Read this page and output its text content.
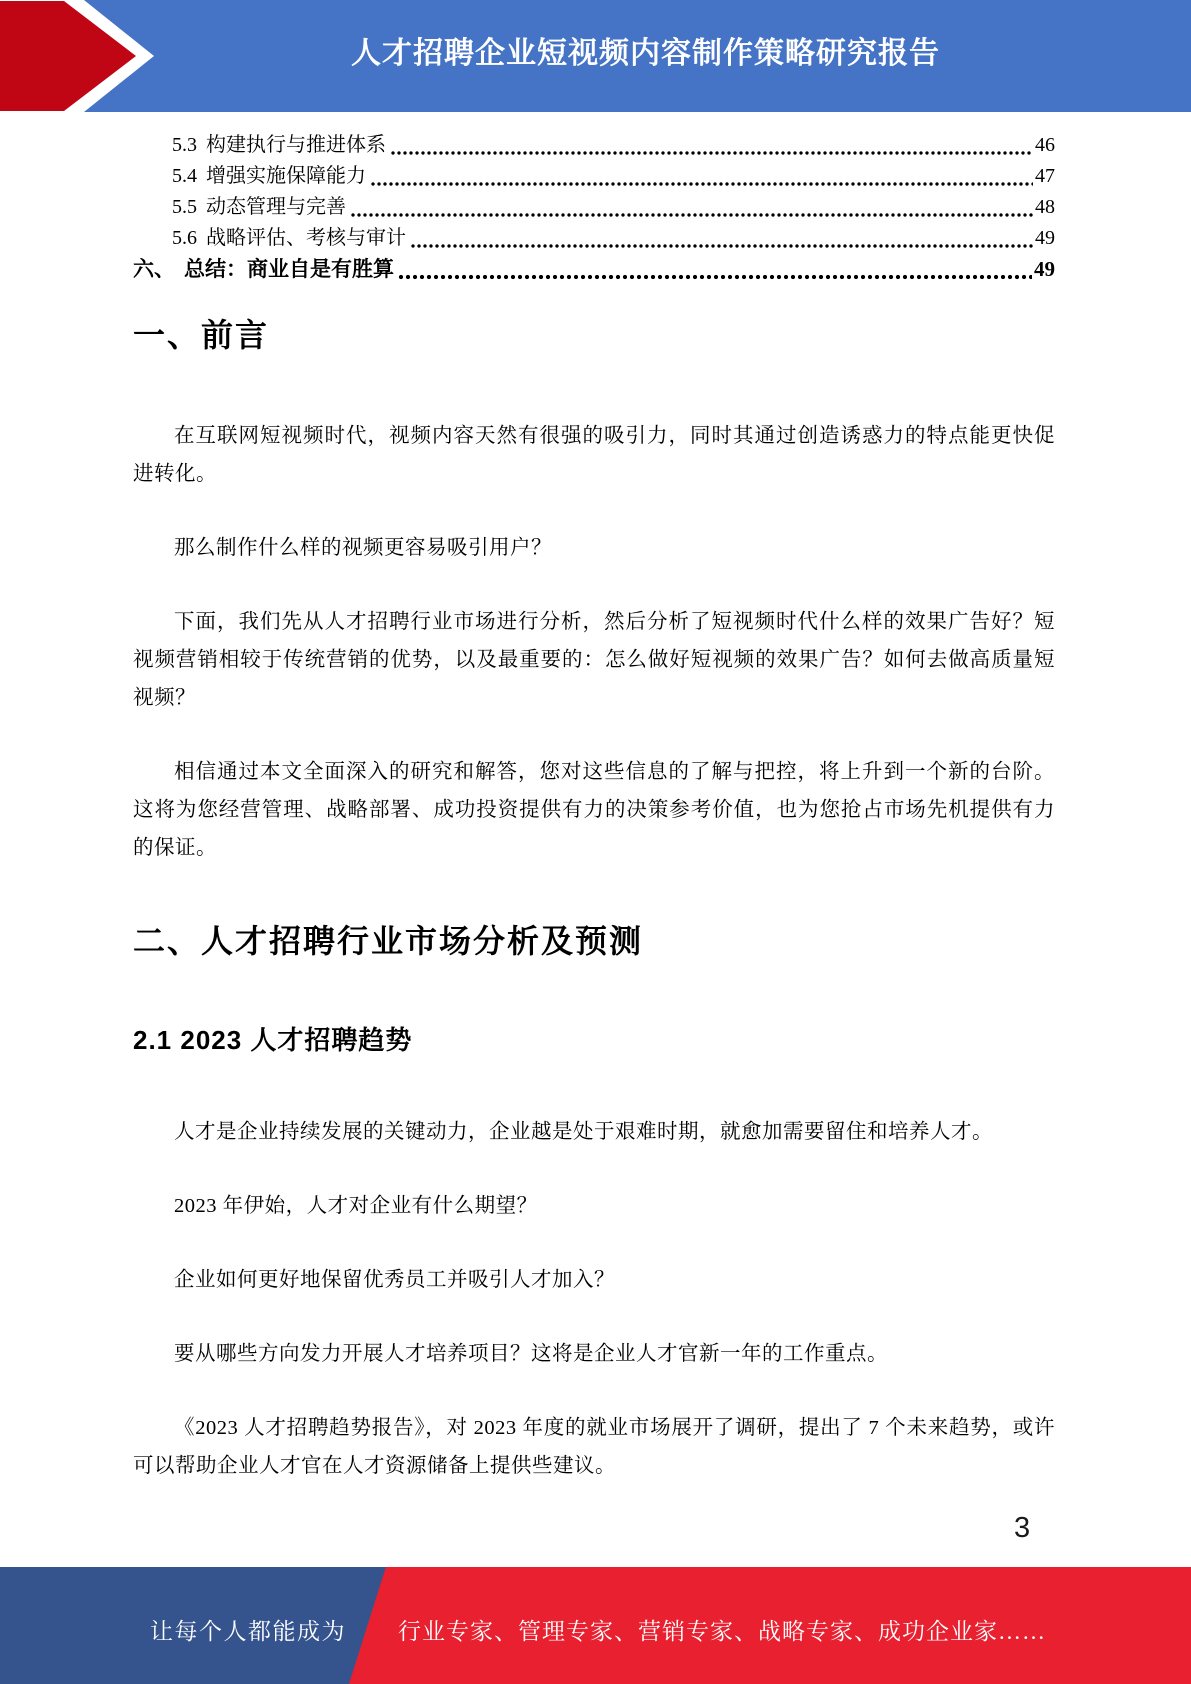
人才招聘企业短视频内容制作策略研究报告
5.3 构建执行与推进体系	46
5.4 增强实施保障能力	47
5.5 动态管理与完善	48
5.6 战略评估、考核与审计	49
六、 总结：商业自是有胜算	49
一、前言

在互联网短视频时代，视频内容天然有很强的吸引力，同时其通过创造诱惑力的特点能更快促进转化。

那么制作什么样的视频更容易吸引用户？

下面，我们先从人才招聘行业市场进行分析，然后分析了短视频时代什么样的效果广告好？短视频营销相较于传统营销的优势，以及最重要的：怎么做好短视频的效果广告？如何去做高质量短视频？

相信通过本文全面深入的研究和解答，您对这些信息的了解与把控，将上升到一个新的台阶。这将为您经营管理、战略部署、成功投资提供有力的决策参考价值，也为您抢占市场先机提供有力的保证。

二、人才招聘行业市场分析及预测
2.1 2023 人才招聘趋势

人才是企业持续发展的关键动力，企业越是处于艰难时期，就愈加需要留住和培养人才。

2023 年伊始，人才对企业有什么期望？

企业如何更好地保留优秀员工并吸引人才加入？

要从哪些方向发力开展人才培养项目？这将是企业人才官新一年的工作重点。

《2023 人才招聘趋势报告》，对 2023 年度的就业市场展开了调研，提出了 7 个未来趋势，或许可以帮助企业人才官在人才资源储备上提供些建议。

3
让每个人都能成为 行业专家、管理专家、营销专家、战略专家、成功企业家……
